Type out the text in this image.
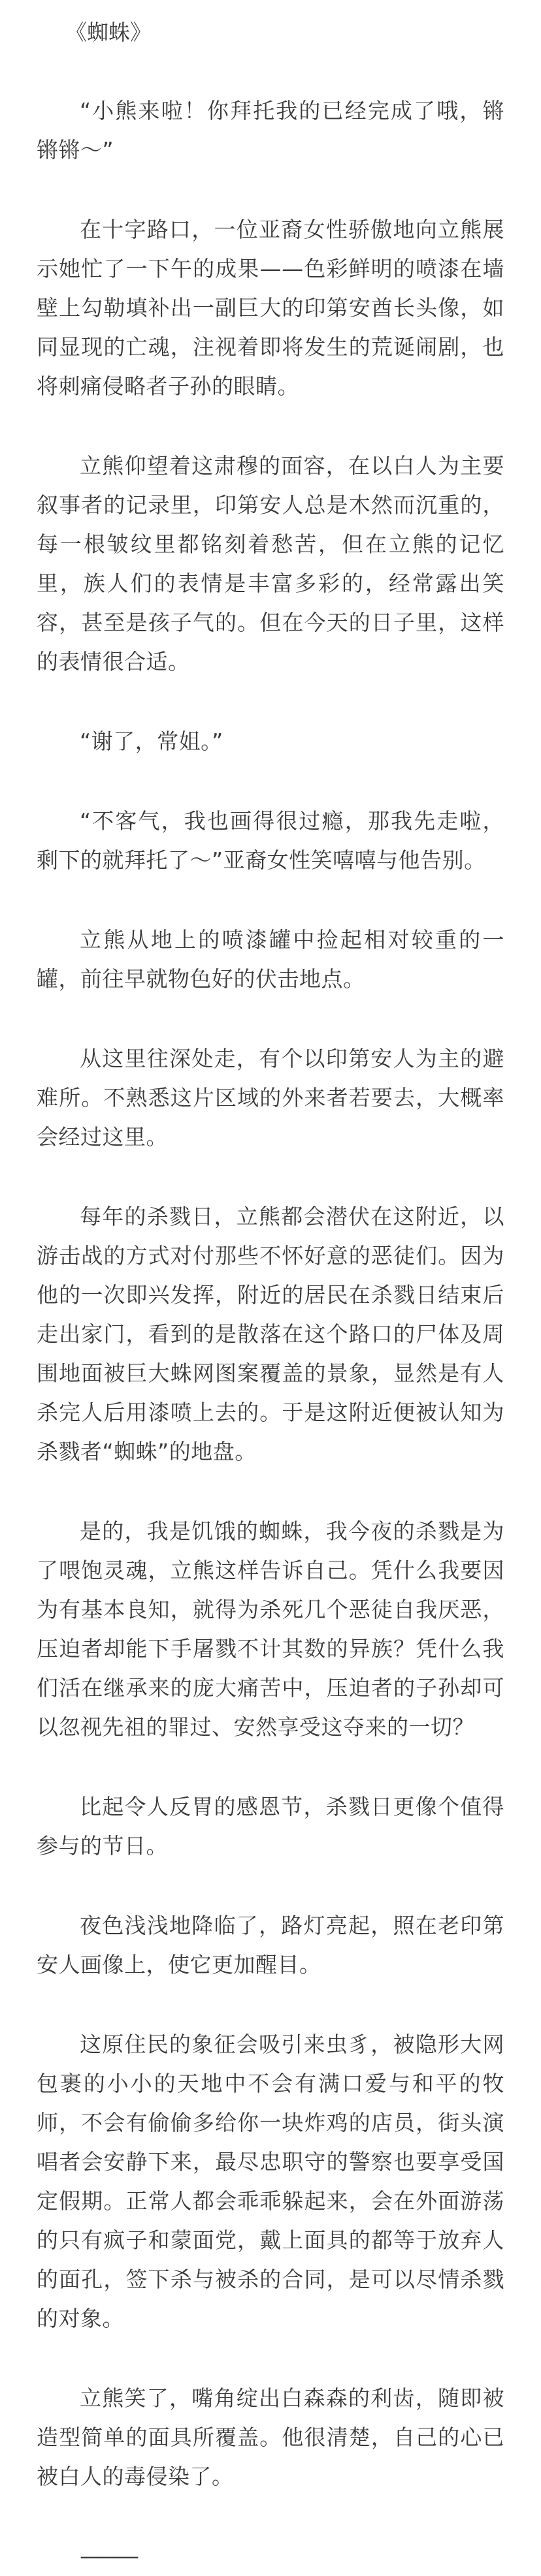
《蜘蛛》

“小熊来啦！你拜托我的已经完成了哦，锵锵锵～”

在十字路口，一位亚裔女性骄傲地向立熊展示她忙了一下午的成果——色彩鲜明的喷漆在墙壁上勾勒填补出一副巨大的印第安酋长头像，如同显现的亡魂，注视着即将发生的荒诞闹剧，也将刺痛侵略者子孙的眼睛。

立熊仰望着这肃穆的面容，在以白人为主要叙事者的记录里，印第安人总是木然而沉重的，每一根皱纹里都铭刻着愁苦，但在立熊的记忆里，族人们的表情是丰富多彩的，经常露出笑容，甚至是孩子气的。但在今天的日子里，这样的表情很合适。

“谢了，常姐。”

“不客气，我也画得很过瘾，那我先走啦，剩下的就拜托了～”亚裔女性笑嘻嘻与他告别。

立熊从地上的喷漆罐中捡起相对较重的一罐，前往早就物色好的伏击地点。

从这里往深处走，有个以印第安人为主的避难所。不熟悉这片区域的外来者若要去，大概率会经过这里。

每年的杀戮日，立熊都会潜伏在这附近，以游击战的方式对付那些不怀好意的恶徒们。因为他的一次即兴发挥，附近的居民在杀戮日结束后走出家门，看到的是散落在这个路口的尸体及周围地面被巨大蛛网图案覆盖的景象，显然是有人杀完人后用漆喷上去的。于是这附近便被认知为杀戮者“蜘蛛”的地盘。

是的，我是饥饿的蜘蛛，我今夜的杀戮是为了喂饱灵魂，立熊这样告诉自己。凭什么我要因为有基本良知，就得为杀死几个恶徒自我厌恶，压迫者却能下手屠戮不计其数的异族？凭什么我们活在继承来的庞大痛苦中，压迫者的子孙却可以忽视先祖的罪过、安然享受这夺来的一切？

比起令人反胃的感恩节，杀戮日更像个值得参与的节日。

夜色浅浅地降临了，路灯亮起，照在老印第安人画像上，使它更加醒目。

这原住民的象征会吸引来虫豸，被隐形大网包裹的小小的天地中不会有满口爱与和平的牧师，不会有偷偷多给你一块炸鸡的店员，街头演唱者会安静下来，最尽忠职守的警察也要享受国定假期。正常人都会乖乖躲起来，会在外面游荡的只有疯子和蒙面党，戴上面具的都等于放弃人的面孔，签下杀与被杀的合同，是可以尽情杀戮的对象。

立熊笑了，嘴角绽出白森森的利齿，随即被造型简单的面具所覆盖。他很清楚，自己的心已被白人的毒侵染了。

———
